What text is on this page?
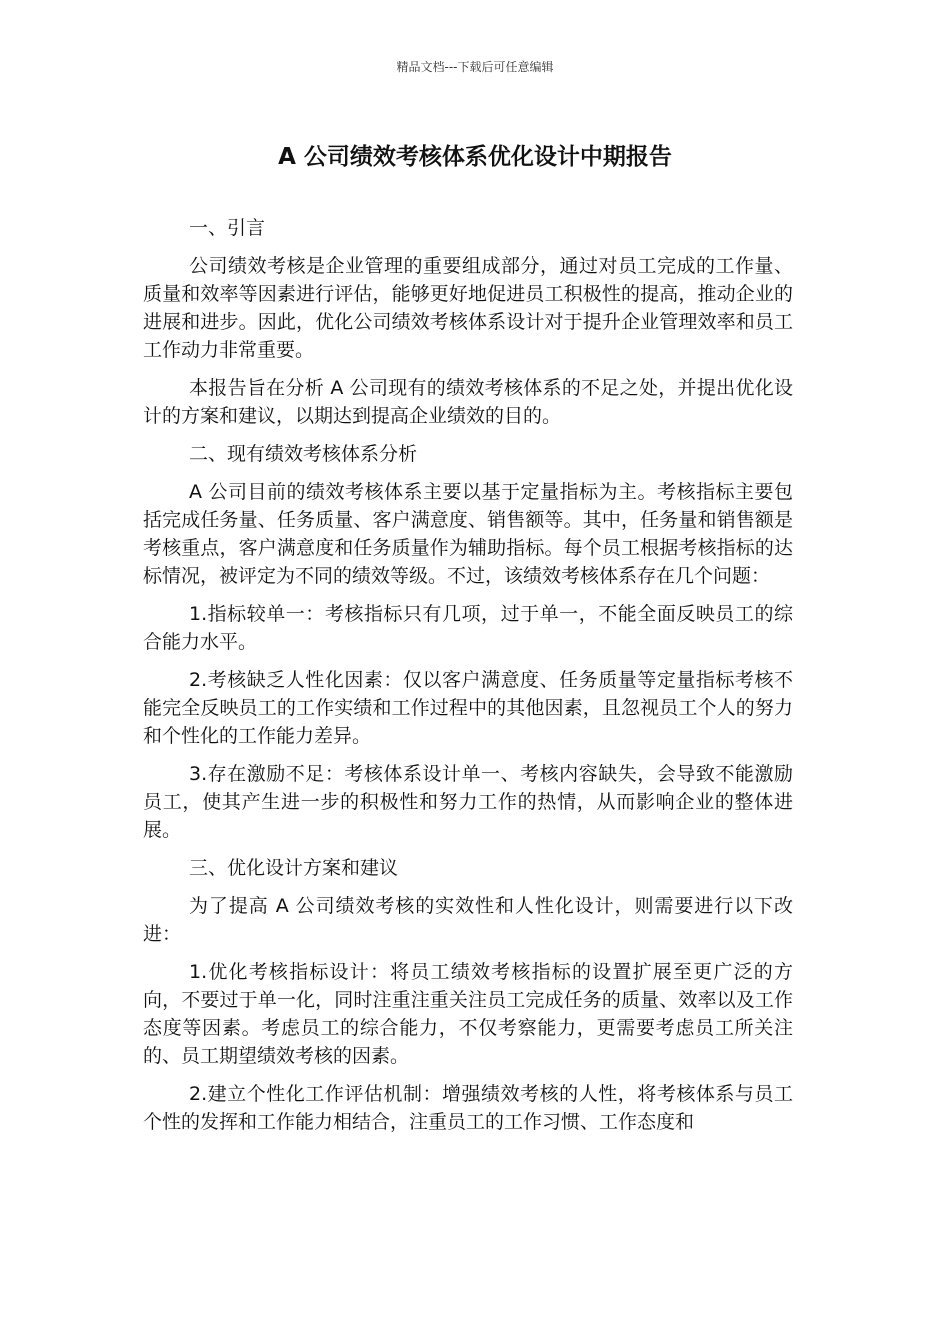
精品文档---下载后可任意编辑
A 公司绩效考核体系优化设计中期报告

一、引言

公司绩效考核是企业管理的重要组成部分，通过对员工完成的工作量、质量和效率等因素进行评估，能够更好地促进员工积极性的提高，推动企业的进展和进步。因此，优化公司绩效考核体系设计对于提升企业管理效率和员工工作动力非常重要。

本报告旨在分析 A 公司现有的绩效考核体系的不足之处，并提出优化设计的方案和建议，以期达到提高企业绩效的目的。

二、现有绩效考核体系分析

A 公司目前的绩效考核体系主要以基于定量指标为主。考核指标主要包括完成任务量、任务质量、客户满意度、销售额等。其中，任务量和销售额是考核重点，客户满意度和任务质量作为辅助指标。每个员工根据考核指标的达标情况，被评定为不同的绩效等级。不过，该绩效考核体系存在几个问题：

1.指标较单一：考核指标只有几项，过于单一，不能全面反映员工的综合能力水平。

2.考核缺乏人性化因素：仅以客户满意度、任务质量等定量指标考核不能完全反映员工的工作实绩和工作过程中的其他因素，且忽视员工个人的努力和个性化的工作能力差异。

3.存在激励不足：考核体系设计单一、考核内容缺失，会导致不能激励员工，使其产生进一步的积极性和努力工作的热情，从而影响企业的整体进展。

三、优化设计方案和建议

为了提高 A 公司绩效考核的实效性和人性化设计，则需要进行以下改进：

1.优化考核指标设计：将员工绩效考核指标的设置扩展至更广泛的方向，不要过于单一化，同时注重注重关注员工完成任务的质量、效率以及工作态度等因素。考虑员工的综合能力，不仅考察能力，更需要考虑员工所关注的、员工期望绩效考核的因素。

2.建立个性化工作评估机制：增强绩效考核的人性，将考核体系与员工个性的发挥和工作能力相结合，注重员工的工作习惯、工作态度和
